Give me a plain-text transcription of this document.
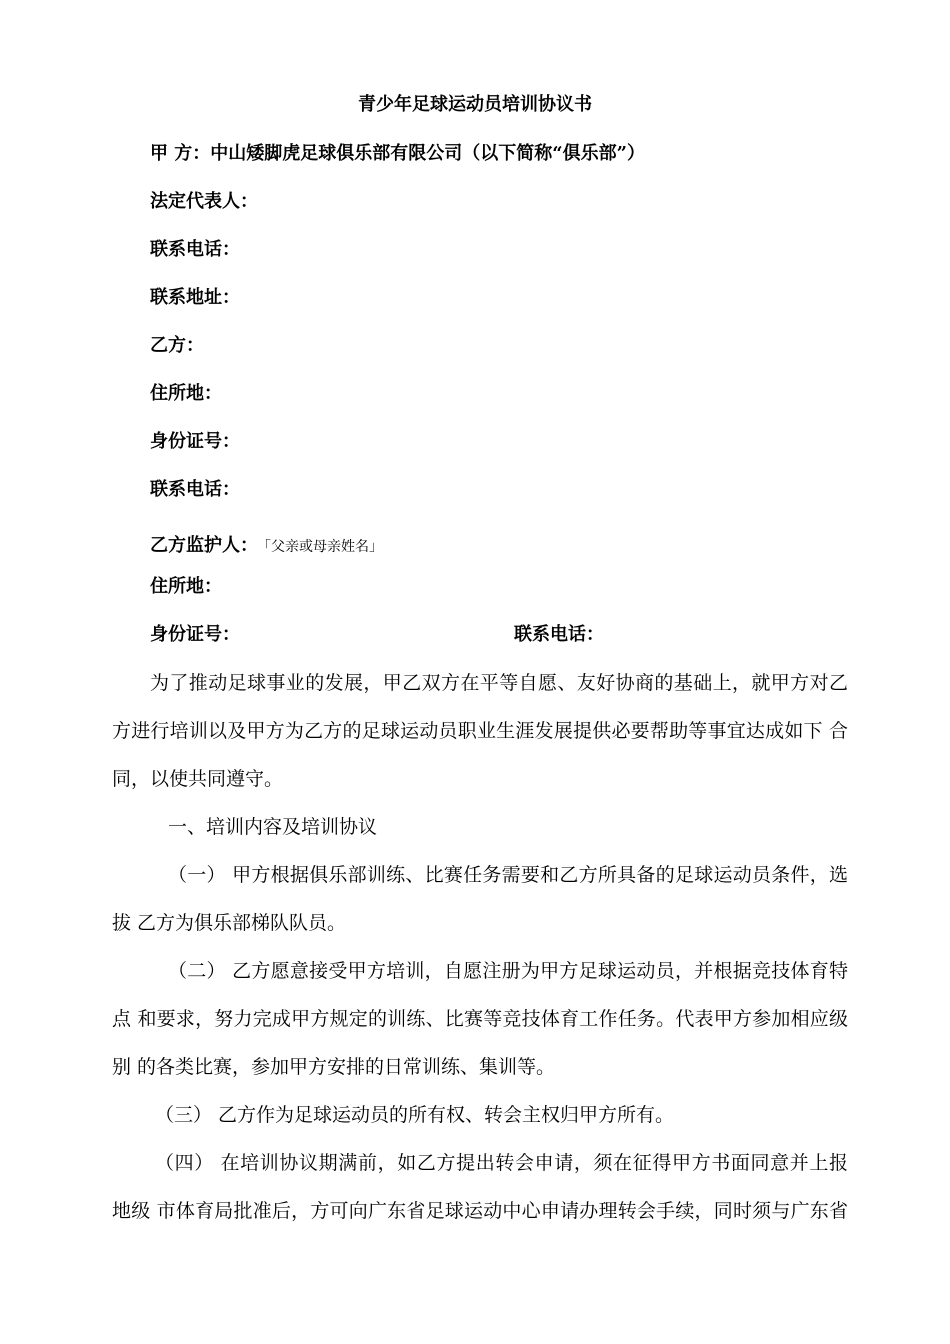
青少年足球运动员培训协议书
甲 方：中山矮脚虎足球俱乐部有限公司（以下简称“俱乐部”）
法定代表人：
联系电话：
联系地址：
乙方：
住所地：
身份证号：
联系电话：
乙方监护人： 「父亲或母亲姓名」
住所地：
身份证号：	联系电话：
为了推动足球事业的发展，甲乙双方在平等自愿、友好协商的基础上，就甲方对乙
方进行培训以及甲方为乙方的足球运动员职业生涯发展提供必要帮助等事宜达成如下 合
同，以使共同遵守。
一、培训内容及培训协议
（一） 甲方根据俱乐部训练、比赛任务需要和乙方所具备的足球运动员条件，选
拔 乙方为俱乐部梯队队员。
（二） 乙方愿意接受甲方培训，自愿注册为甲方足球运动员，并根据竞技体育特
点 和要求，努力完成甲方规定的训练、比赛等竞技体育工作任务。代表甲方参加相应级
别 的各类比赛，参加甲方安排的日常训练、集训等。
（三） 乙方作为足球运动员的所有权、转会主权归甲方所有。
（四） 在培训协议期满前，如乙方提出转会申请，须在征得甲方书面同意并上报
地级 市体育局批准后，方可向广东省足球运动中心申请办理转会手续，同时须与广东省
